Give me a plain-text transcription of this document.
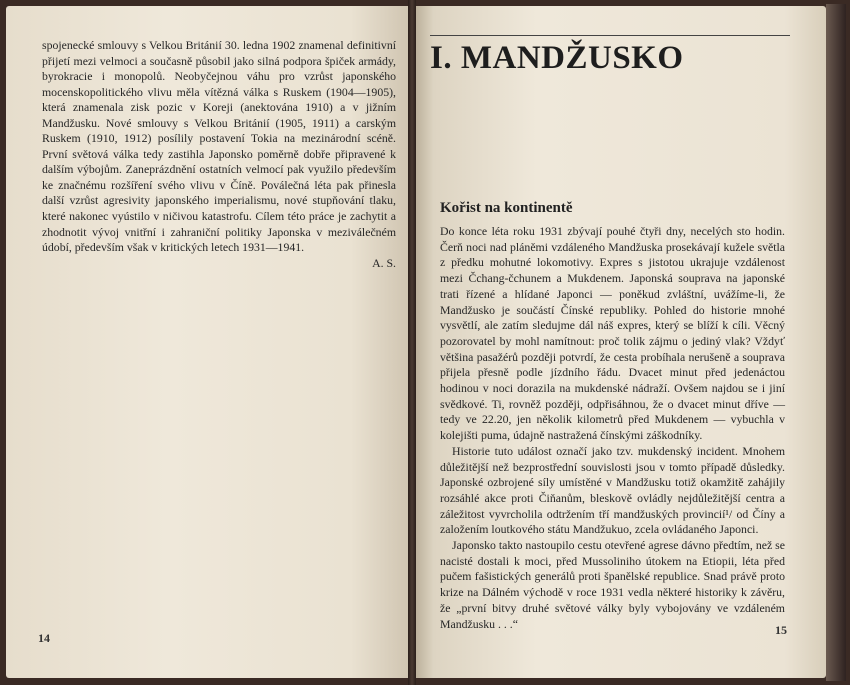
spojenecké smlouvy s Velkou Británií 30. ledna 1902 znamenal definitivní přijetí mezi velmoci a současně působil jako silná podpora špiček armády, byrokracie i monopolů. Neobyčejnou váhu pro vzrůst japonského mocenskopolitického vlivu měla vítězná válka s Ruskem (1904—1905), která znamenala zisk pozic v Koreji (anektována 1910) a v jižním Mandžusku. Nové smlouvy s Velkou Británií (1905, 1911) a carským Ruskem (1910, 1912) posílily postavení Tokia na mezinárodní scéně. První světová válka tedy zastihla Japonsko poměrně dobře připravené k dalším výbojům. Zaneprázdnění ostatních velmocí pak využilo především ke značnému rozšíření svého vlivu v Číně. Poválečná léta pak přinesla další vzrůst agresivity japonského imperialismu, nové stupňování tlaku, které nakonec vyústilo v ničivou katastrofu. Cílem této práce je zachytit a zhodnotit vývoj vnitřní i zahraniční politiky Japonska v meziválečném údobí, především však v kritických letech 1931—1941.
A. S.
14
I. MANDŽUSKO
Kořist na kontinentě

Do konce léta roku 1931 zbývají pouhé čtyři dny, necelých sto hodin. Čerň noci nad pláněmi vzdáleného Mandžuska prosekávají kužele světla z předku mohutné lokomotivy. Expres s jistotou ukrajuje vzdálenost mezi Čchang-čchunem a Mukdenem. Japonská souprava na japonské trati řízené a hlídané Japonci — poněkud zvláštní, uvážíme-li, že Mandžusko je součástí Čínské republiky. Pohled do historie mnohé vysvětlí, ale zatím sledujme dál náš expres, který se blíží k cíli. Věcný pozorovatel by mohl namítnout: proč tolik zájmu o jediný vlak? Vždyť většina pasažérů později potvrdí, že cesta probíhala nerušeně a souprava přijela přesně podle jízdního řádu. Dvacet minut před jedenáctou hodinou v noci dorazila na mukdenské nádraží. Ovšem najdou se i jiní svědkové. Ti, rovněž později, odpřisáhnou, že o dvacet minut dříve — tedy ve 22.20, jen několik kilometrů před Mukdenem — vybuchla v kolejišti puma, údajně nastražená čínskými záškodníky.

Historie tuto událost označí jako tzv. mukdenský incident. Mnohem důležitější než bezprostřední souvislosti jsou v tomto případě důsledky. Japonské ozbrojené síly umístěné v Mandžusku totiž okamžitě zahájily rozsáhlé akce proti Čiňanům, bleskově ovládly nejdůležitější centra a záležitost vyvrcholila odtržením tří mandžuských provincií¹/ od Číny a založením loutkového státu Mandžukuo, zcela ovládaného Japonci.

Japonsko takto nastoupilo cestu otevřené agrese dávno předtím, než se nacisté dostali k moci, před Mussoliniho útokem na Etiopii, léta před pučem fašistických generálů proti španělské republice. Snad právě proto krize na Dálném východě v roce 1931 vedla některé historiky k závěru, že „první bitvy druhé světové války byly vybojovány ve vzdáleném Mandžusku . . .“	15
